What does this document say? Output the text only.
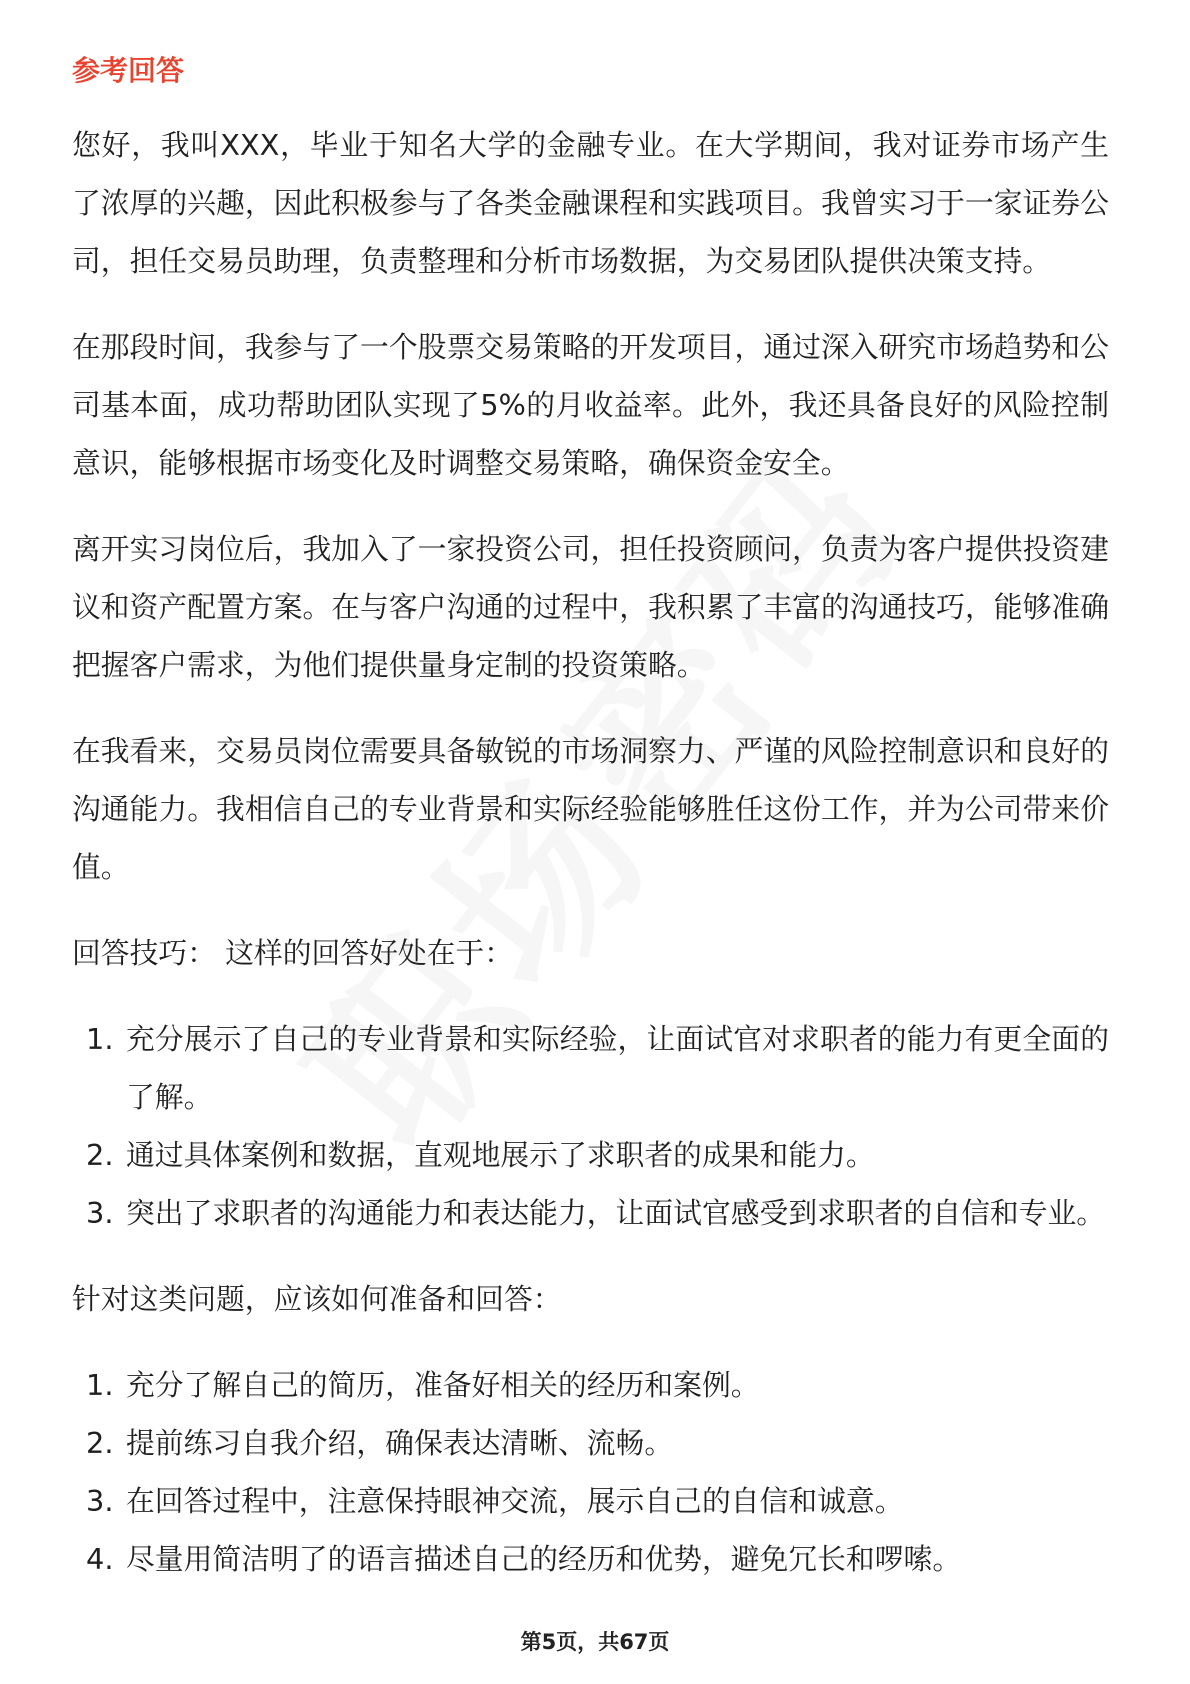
参考回答

您好，我叫XXX，毕业于知名大学的金融专业。在大学期间，我对证券市场产生了浓厚的兴趣，因此积极参与了各类金融课程和实践项目。我曾实习于一家证券公司，担任交易员助理，负责整理和分析市场数据，为交易团队提供决策支持。

在那段时间，我参与了一个股票交易策略的开发项目，通过深入研究市场趋势和公司基本面，成功帮助团队实现了5%的月收益率。此外，我还具备良好的风险控制意识，能够根据市场变化及时调整交易策略，确保资金安全。

离开实习岗位后，我加入了一家投资公司，担任投资顾问，负责为客户提供投资建议和资产配置方案。在与客户沟通的过程中，我积累了丰富的沟通技巧，能够准确把握客户需求，为他们提供量身定制的投资策略。

在我看来，交易员岗位需要具备敏锐的市场洞察力、严谨的风险控制意识和良好的沟通能力。我相信自己的专业背景和实际经验能够胜任这份工作，并为公司带来价值。

回答技巧： 这样的回答好处在于：

1. 充分展示了自己的专业背景和实际经验，让面试官对求职者的能力有更全面的了解。
2. 通过具体案例和数据，直观地展示了求职者的成果和能力。
3. 突出了求职者的沟通能力和表达能力，让面试官感受到求职者的自信和专业。

针对这类问题，应该如何准备和回答：

1. 充分了解自己的简历，准备好相关的经历和案例。
2. 提前练习自我介绍，确保表达清晰、流畅。
3. 在回答过程中，注意保持眼神交流，展示自己的自信和诚意。
4. 尽量用简洁明了的语言描述自己的经历和优势，避免冗长和啰嗦。
第5页，共67页
